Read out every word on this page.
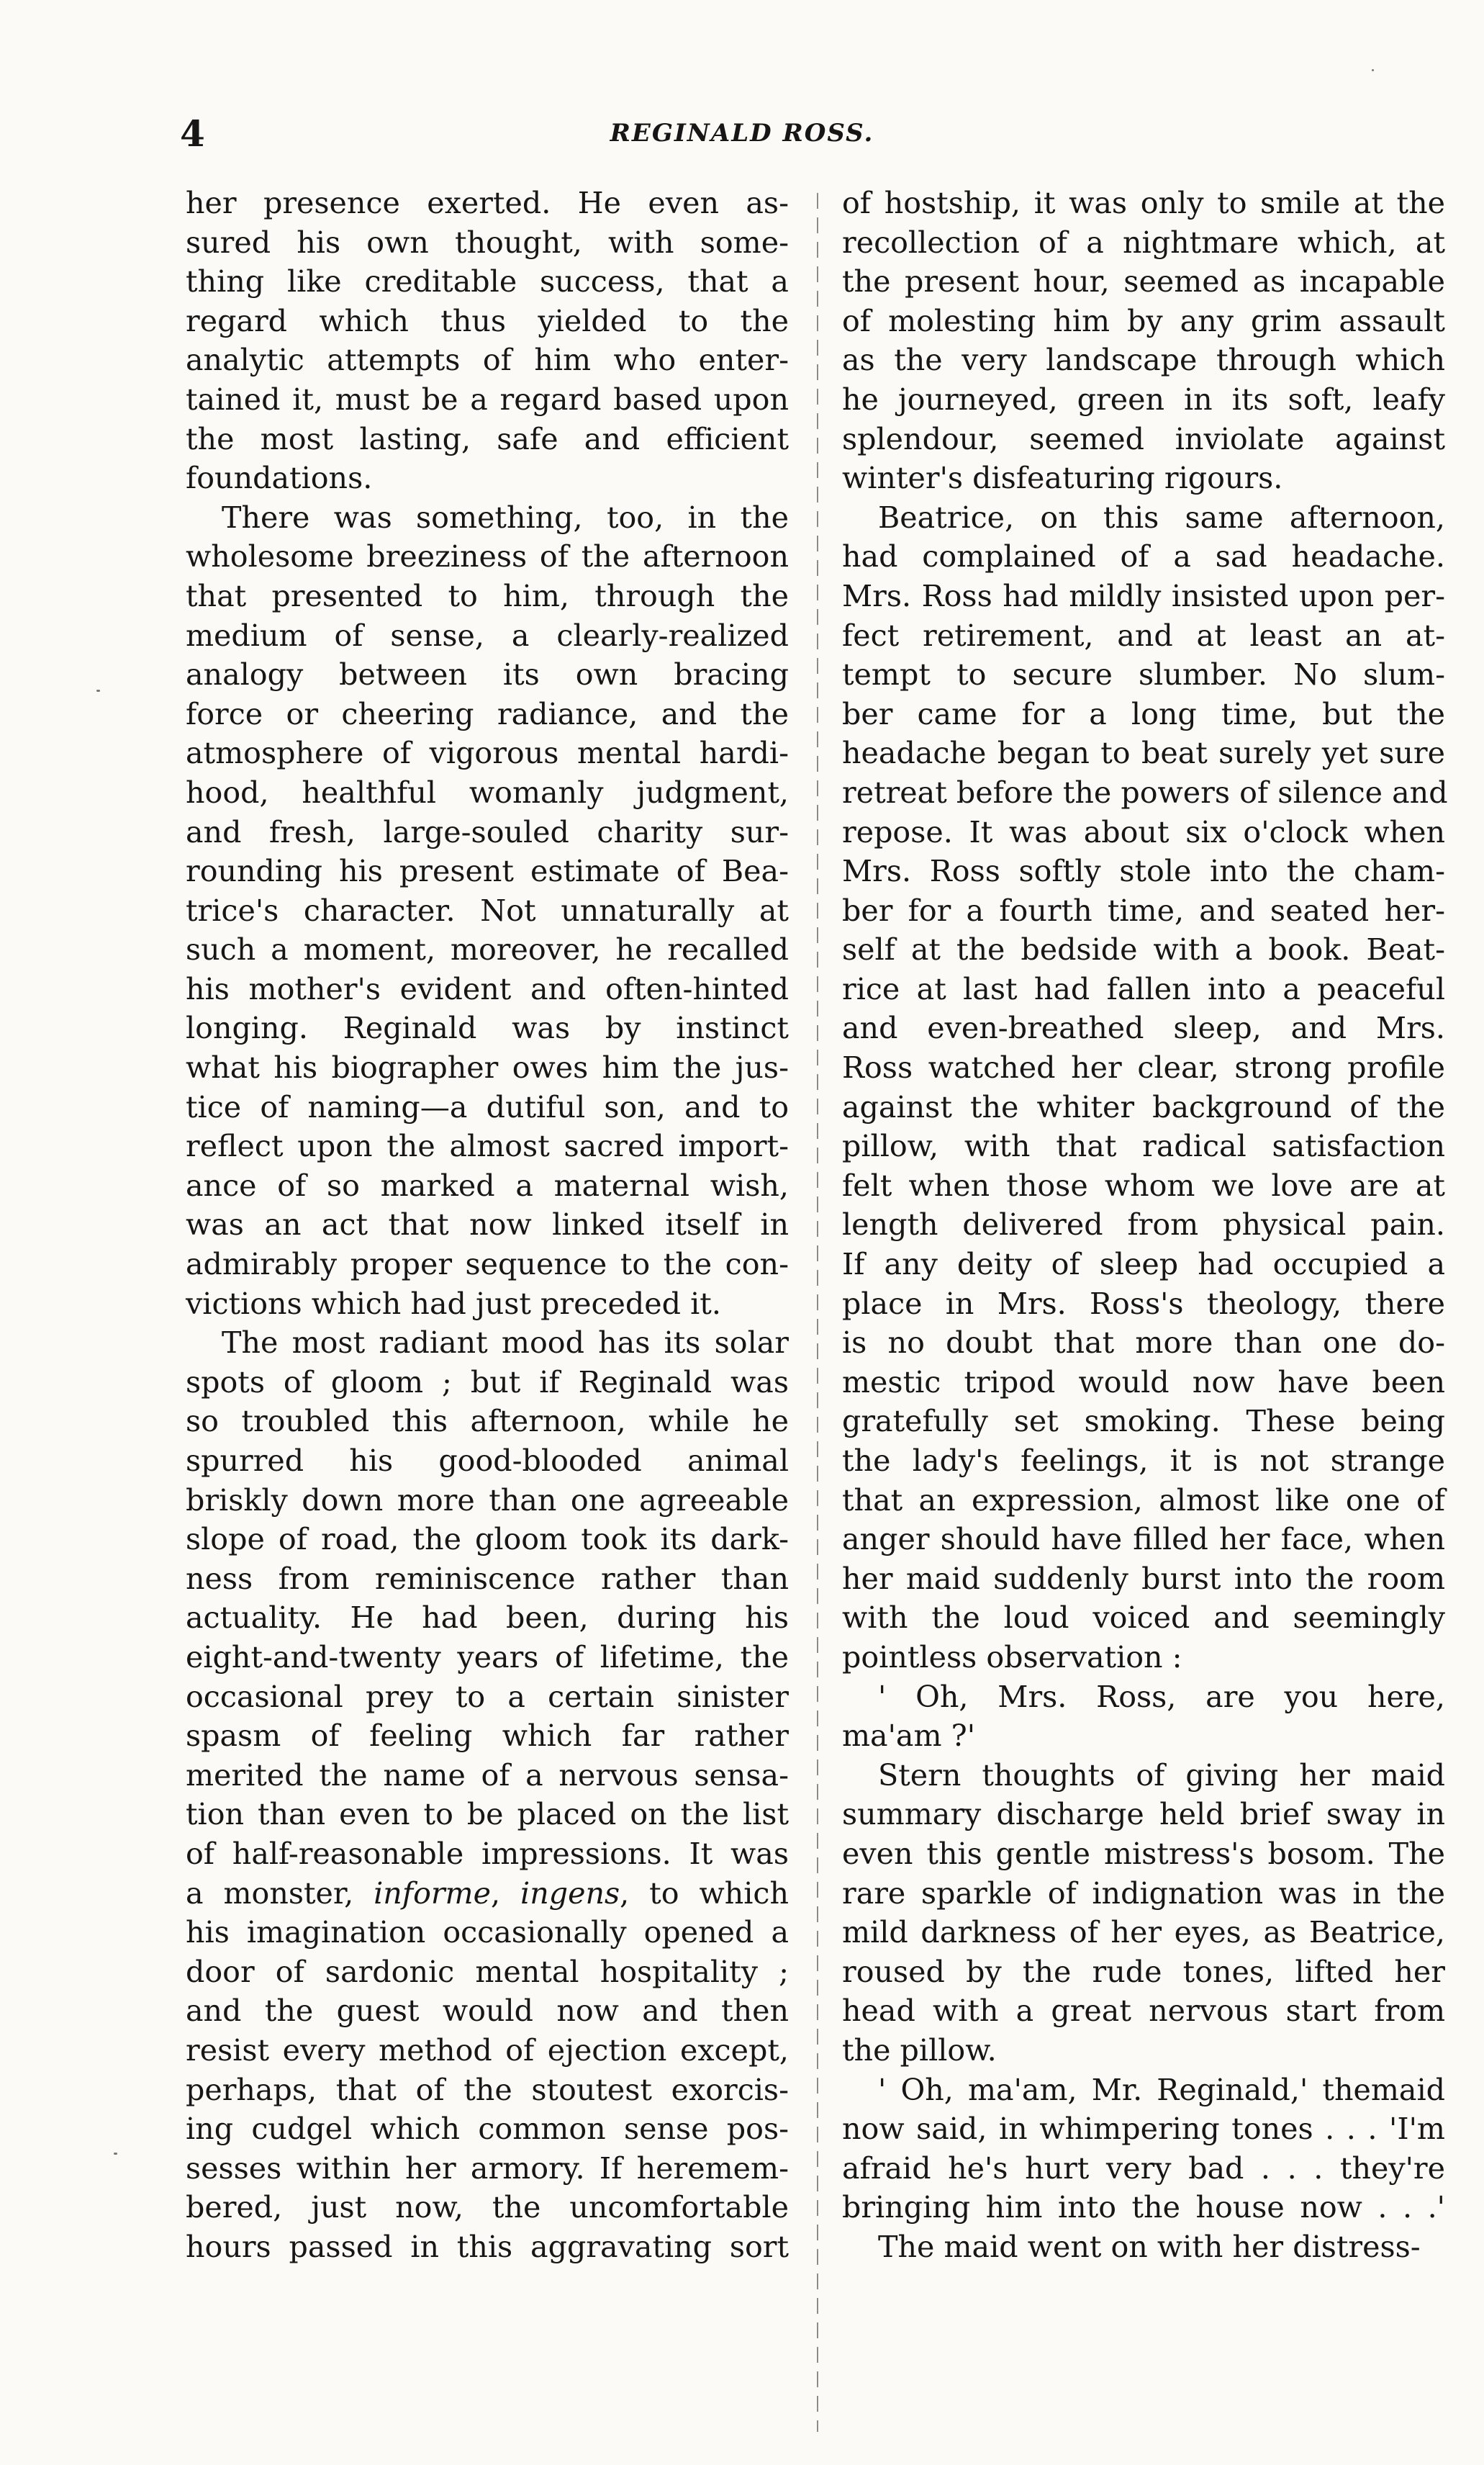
4	REGINALD ROSS.
her presence exerted. He even as-
sured his own thought, with some-
thing like creditable success, that a
regard which thus yielded to the
analytic attempts of him who enter-
tained it, must be a regard based upon
the most lasting, safe and efficient
foundations.
There was something, too, in the
wholesome breeziness of the afternoon
that presented to him, through the
medium of sense, a clearly-realized
analogy between its own bracing
force or cheering radiance, and the
atmosphere of vigorous mental hardi-
hood, healthful womanly judgment,
and fresh, large-souled charity sur-
rounding his present estimate of Bea-
trice's character. Not unnaturally at
such a moment, moreover, he recalled
his mother's evident and often-hinted
longing. Reginald was by instinct
what his biographer owes him the jus-
tice of naming—a dutiful son, and to
reflect upon the almost sacred import-
ance of so marked a maternal wish,
was an act that now linked itself in
admirably proper sequence to the con-
victions which had just preceded it.
The most radiant mood has its solar
spots of gloom ; but if Reginald was
so troubled this afternoon, while he
spurred his good-blooded animal
briskly down more than one agreeable
slope of road, the gloom took its dark-
ness from reminiscence rather than
actuality. He had been, during his
eight-and-twenty years of lifetime, the
occasional prey to a certain sinister
spasm of feeling which far rather
merited the name of a nervous sensa-
tion than even to be placed on the list
of half-reasonable impressions. It was
a monster, informe, ingens, to which
his imagination occasionally opened a
door of sardonic mental hospitality ;
and the guest would now and then
resist every method of ejection except,
perhaps, that of the stoutest exorcis-
ing cudgel which common sense pos-
sesses within her armory. If heremem-
bered, just now, the uncomfortable
hours passed in this aggravating sort
of hostship, it was only to smile at the
recollection of a nightmare which, at
the present hour, seemed as incapable
of molesting him by any grim assault
as the very landscape through which
he journeyed, green in its soft, leafy
splendour, seemed inviolate against
winter's disfeaturing rigours.
Beatrice, on this same afternoon,
had complained of a sad headache.
Mrs. Ross had mildly insisted upon per-
fect retirement, and at least an at-
tempt to secure slumber. No slum-
ber came for a long time, but the
headache began to beat surely yet sure
retreat before the powers of silence and
repose. It was about six o'clock when
Mrs. Ross softly stole into the cham-
ber for a fourth time, and seated her-
self at the bedside with a book. Beat-
rice at last had fallen into a peaceful
and even-breathed sleep, and Mrs.
Ross watched her clear, strong profile
against the whiter background of the
pillow, with that radical satisfaction
felt when those whom we love are at
length delivered from physical pain.
If any deity of sleep had occupied a
place in Mrs. Ross's theology, there
is no doubt that more than one do-
mestic tripod would now have been
gratefully set smoking. These being
the lady's feelings, it is not strange
that an expression, almost like one of
anger should have filled her face, when
her maid suddenly burst into the room
with the loud voiced and seemingly
pointless observation :
' Oh, Mrs. Ross, are you here,
ma'am ?'
Stern thoughts of giving her maid
summary discharge held brief sway in
even this gentle mistress's bosom. The
rare sparkle of indignation was in the
mild darkness of her eyes, as Beatrice,
roused by the rude tones, lifted her
head with a great nervous start from
the pillow.
' Oh, ma'am, Mr. Reginald,' themaid
now said, in whimpering tones . . . 'I'm
afraid he's hurt very bad . . . they're
bringing him into the house now . . .'
The maid went on with her distress-
